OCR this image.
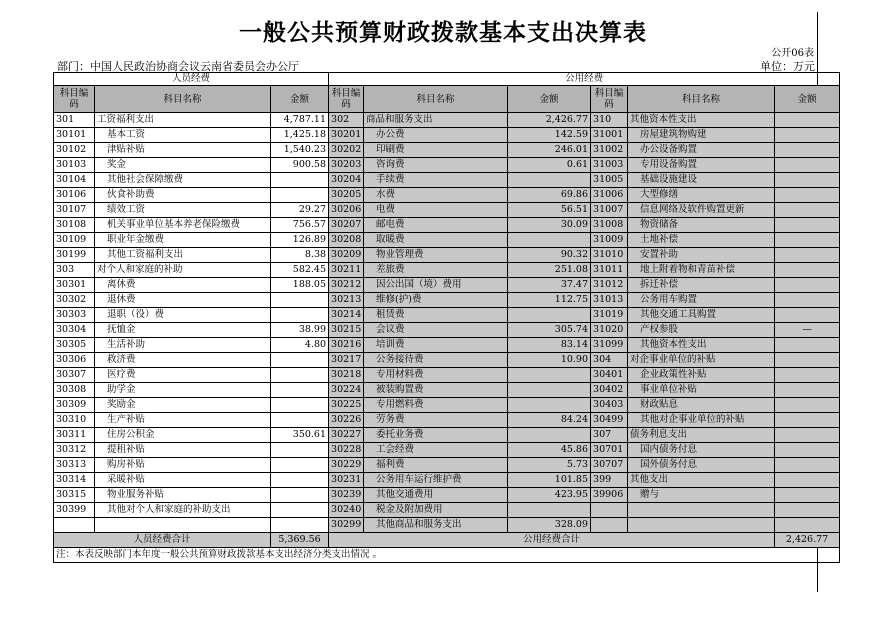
一般公共预算财政拨款基本支出决算表
公开06表
部门：中国人民政治协商会议云南省委员会办公厅	单位：万元
人员经费			公用经费					
科目编码	科目名称	金额	科目编码	科目名称	金额	科目编码	科目名称	金额
301	工资福利支出	4,787.11	302	商品和服务支出	2,426.77	310	其他资本性支出	
30101	基本工资	1,425.18	30201	办公费	142.59	31001	房屋建筑物购建	
30102	津贴补贴	1,540.23	30202	印刷费	246.01	31002	办公设备购置	
30103	奖金	900.58	30203	咨询费	0.61	31003	专用设备购置	
30104	其他社会保障缴费		30204	手续费		31005	基础设施建设	
30106	伙食补助费		30205	水费	69.86	31006	大型修缮	
30107	绩效工资	29.27	30206	电费	56.51	31007	信息网络及软件购置更新	
30108	机关事业单位基本养老保险缴费	756.57	30207	邮电费	30.09	31008	物资储备	
30109	职业年金缴费	126.89	30208	取暖费		31009	土地补偿	
30199	其他工资福利支出	8.38	30209	物业管理费	90.32	31010	安置补助	
303	对个人和家庭的补助	582.45	30211	差旅费	251.08	31011	地上附着物和青苗补偿	
30301	离休费	188.05	30212	因公出国（境）费用	37.47	31012	拆迁补偿	
30302	退休费		30213	维修(护)费	112.75	31013	公务用车购置	
30303	退职（役）费		30214	租赁费		31019	其他交通工具购置	
30304	抚恤金	38.99	30215	会议费	305.74	31020	产权参股	—
30305	生活补助	4.80	30216	培训费	83.14	31099	其他资本性支出	
30306	救济费		30217	公务接待费	10.90	304	对企事业单位的补贴	
30307	医疗费		30218	专用材料费		30401	企业政策性补贴	
30308	助学金		30224	被装购置费		30402	事业单位补贴	
30309	奖励金		30225	专用燃料费		30403	财政贴息	
30310	生产补贴		30226	劳务费	84.24	30499	其他对企事业单位的补贴	
30311	住房公积金	350.61	30227	委托业务费		307	债务利息支出	
30312	提租补贴		30228	工会经费	45.86	30701	国内债务付息	
30313	购房补贴		30229	福利费	5.73	30707	国外债务付息	
30314	采暖补贴		30231	公务用车运行维护费	101.85	399	其他支出	
30315	物业服务补贴		30239	其他交通费用	423.95	39906	赠与	
30399	其他对个人和家庭的补助支出		30240	税金及附加费用				
			30299	其他商品和服务支出	328.09			
人员经费合计		5,369.56	公用经费合计					2,426.77
注：本表反映部门本年度一般公共预算财政拨款基本支出经济分类支出情况 。								
